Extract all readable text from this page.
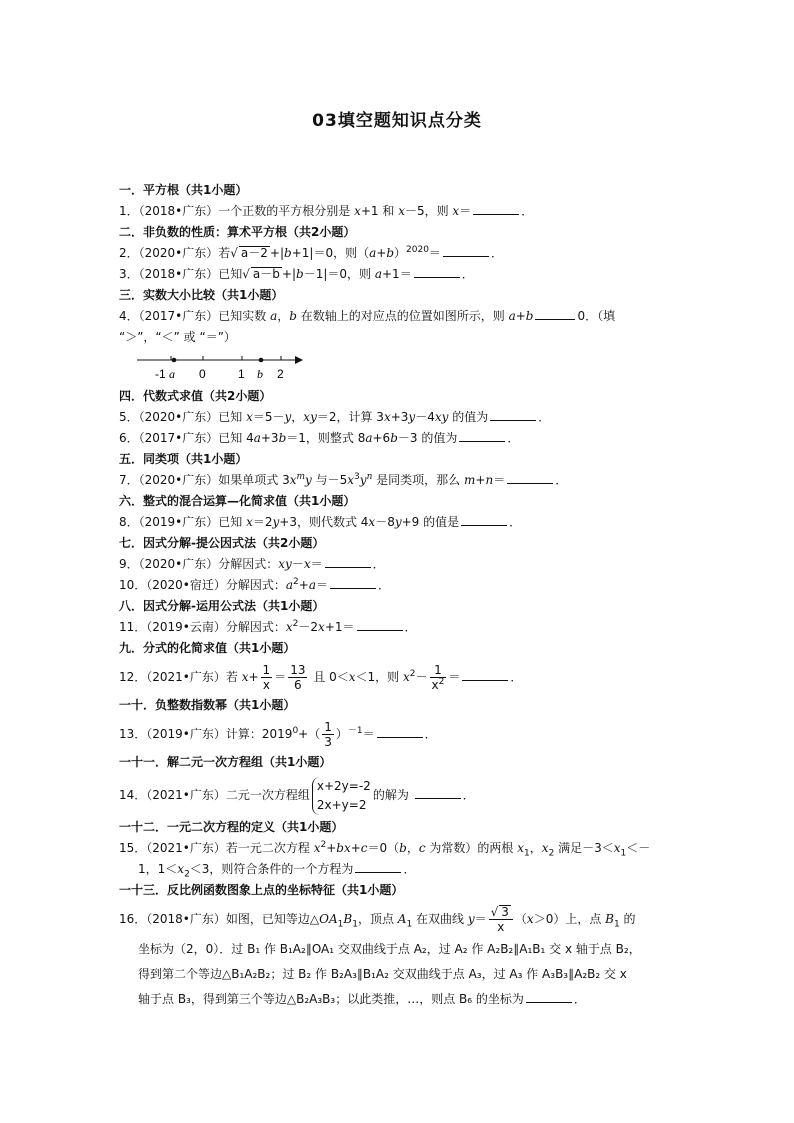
03填空题知识点分类
一．平方根（共1小题）
1．（2018•广东）一个正数的平方根分别是 x+1 和 x－5，则 x＝	．
二．非负数的性质：算术平方根（共2小题）
2．（2020•广东）若√ a－2 +|b+1|＝0，则$(a+b)^{2020}=$	．
3．（2018•广东）已知√ a－b +|b－1|＝0，则 a+1＝	．
三．实数大小比较（共1小题）
4．（2017•广东）已知实数 a，b 在数轴上的对应点的位置如图所示，则 a+b	0．（填
“＞”，“＜” 或 “＝”）
-1 a 0	1 b 2
四．代数式求值（共2小题）
5．（2020•广东）已知 x＝5－y，xy＝2，计算 3x+3y－4xy 的值为	．
6．（2017•广东）已知 4a+3b＝1，则整式 8a+6b－3 的值为	．
五．同类项（共1小题）
7．（2020•广东）如果单项式 $3x^my$ 与$-5x^3y^n$ 是同类项，那么 m+n＝	．
六．整式的混合运算—化简求值（共1小题）
8．（2019•广东）已知 x＝2y+3，则代数式 4x－8y+9 的值是	．
七．因式分解-提公因式法（共2小题）
9．（2020•广东）分解因式：xy－x＝	．
10．（2020•宿迁）分解因式：$a^2+a=$	．
八．因式分解-运用公式法（共1小题）
11．（2019•云南）分解因式：$x^2-2x+1=$	．
九．分式的化简求值（共1小题）
12．（2021•广东）若 $x+ \frac{1}{x} = \frac{13}{6}$ 且 0＜x＜1，则 $x^2- \frac{1}{x^2}$ ＝	．
一十．负整数指数幂（共1小题）
13．（2019•广东）计算：$2019^0+( \frac{1}{3} )^{-1}=$	．
一十一．解二元一次方程组（共1小题）
14．（2021•广东）二元一次方程组
x+2y=-2
2x+y=2
的解为	．
一十二．一元二次方程的定义（共1小题）
15．（2021•广东）若一元二次方程 $x^2+bx+c=0(b$，c 为常数）的两根 $x_1$，$x_2$ 满足$-3<x_1<-$
1，$1<x_2<3$，则符合条件的一个方程为	．
一十三．反比例函数图象上点的坐标特征（共1小题）
16．（2018•广东）如图，已知等边$\triangle OA_1B_1$，顶点 $A_1$ 在双曲线 $y= \frac{√ 3}{x} (x>0)$上，点 $B_1$ 的
坐标为（2，0）．过 B₁ 作 B₁A₂∥OA₁ 交双曲线于点 A₂，过 A₂ 作 A₂B₂∥A₁B₁ 交 x 轴于点 B₂，
得到第二个等边△B₁A₂B₂；过 B₂ 作 B₂A₃∥B₁A₂ 交双曲线于点 A₃，过 A₃ 作 A₃B₃∥A₂B₂ 交 x
轴于点 B₃，得到第三个等边△B₂A₃B₃；以此类推，…，则点 B₆ 的坐标为	．
